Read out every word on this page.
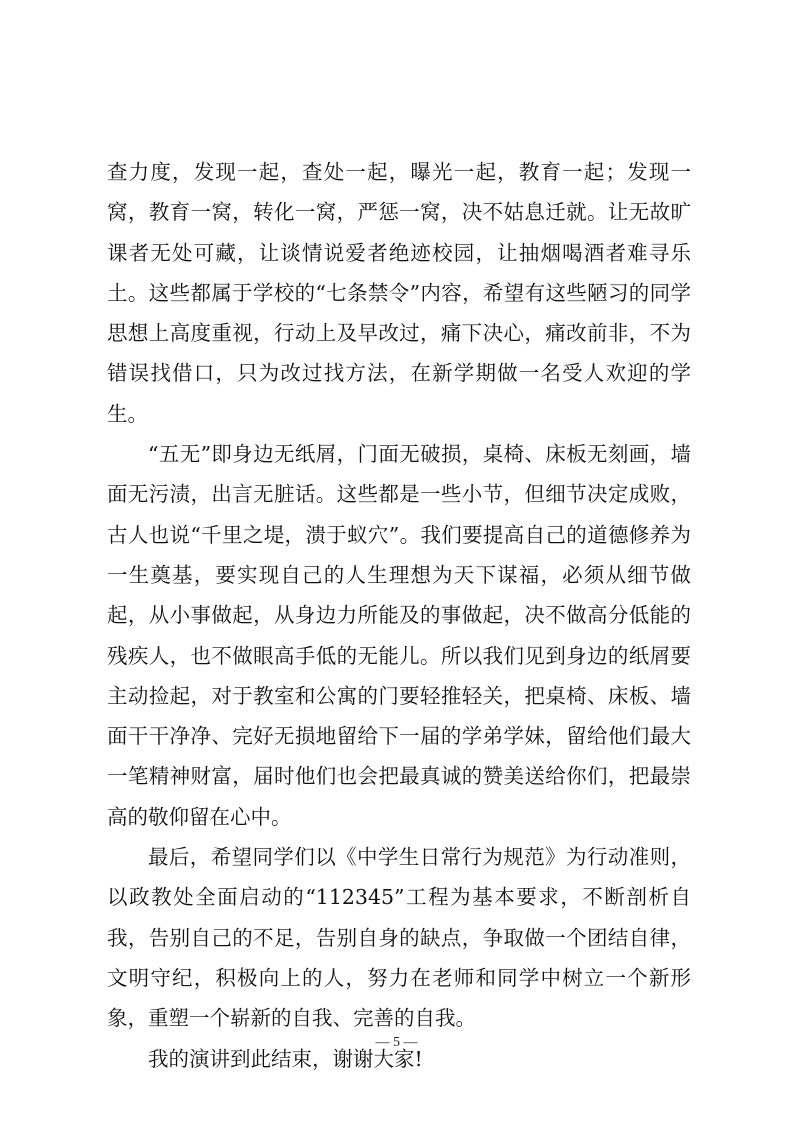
查力度，发现一起，查处一起，曝光一起，教育一起；发现一窝，教育一窝，转化一窝，严惩一窝，决不姑息迁就。让无故旷课者无处可藏，让谈情说爱者绝迹校园，让抽烟喝酒者难寻乐土。这些都属于学校的“七条禁令”内容，希望有这些陋习的同学思想上高度重视，行动上及早改过，痛下决心，痛改前非，不为错误找借口，只为改过找方法，在新学期做一名受人欢迎的学生。

“五无”即身边无纸屑，门面无破损，桌椅、床板无刻画，墙面无污渍，出言无脏话。这些都是一些小节，但细节决定成败，古人也说“千里之堤，溃于蚁穴”。我们要提高自己的道德修养为一生奠基，要实现自己的人生理想为天下谋福，必须从细节做起，从小事做起，从身边力所能及的事做起，决不做高分低能的残疾人，也不做眼高手低的无能儿。所以我们见到身边的纸屑要主动捡起，对于教室和公寓的门要轻推轻关，把桌椅、床板、墙面干干净净、完好无损地留给下一届的学弟学妹，留给他们最大一笔精神财富，届时他们也会把最真诚的赞美送给你们，把最崇高的敬仰留在心中。

最后，希望同学们以《中学生日常行为规范》为行动准则，以政教处全面启动的“112345”工程为基本要求，不断剖析自我，告别自己的不足，告别自身的缺点，争取做一个团结自律，文明守纪，积极向上的人，努力在老师和同学中树立一个新形象，重塑一个崭新的自我、完善的自我。

我的演讲到此结束，谢谢大家!

— 5 —
